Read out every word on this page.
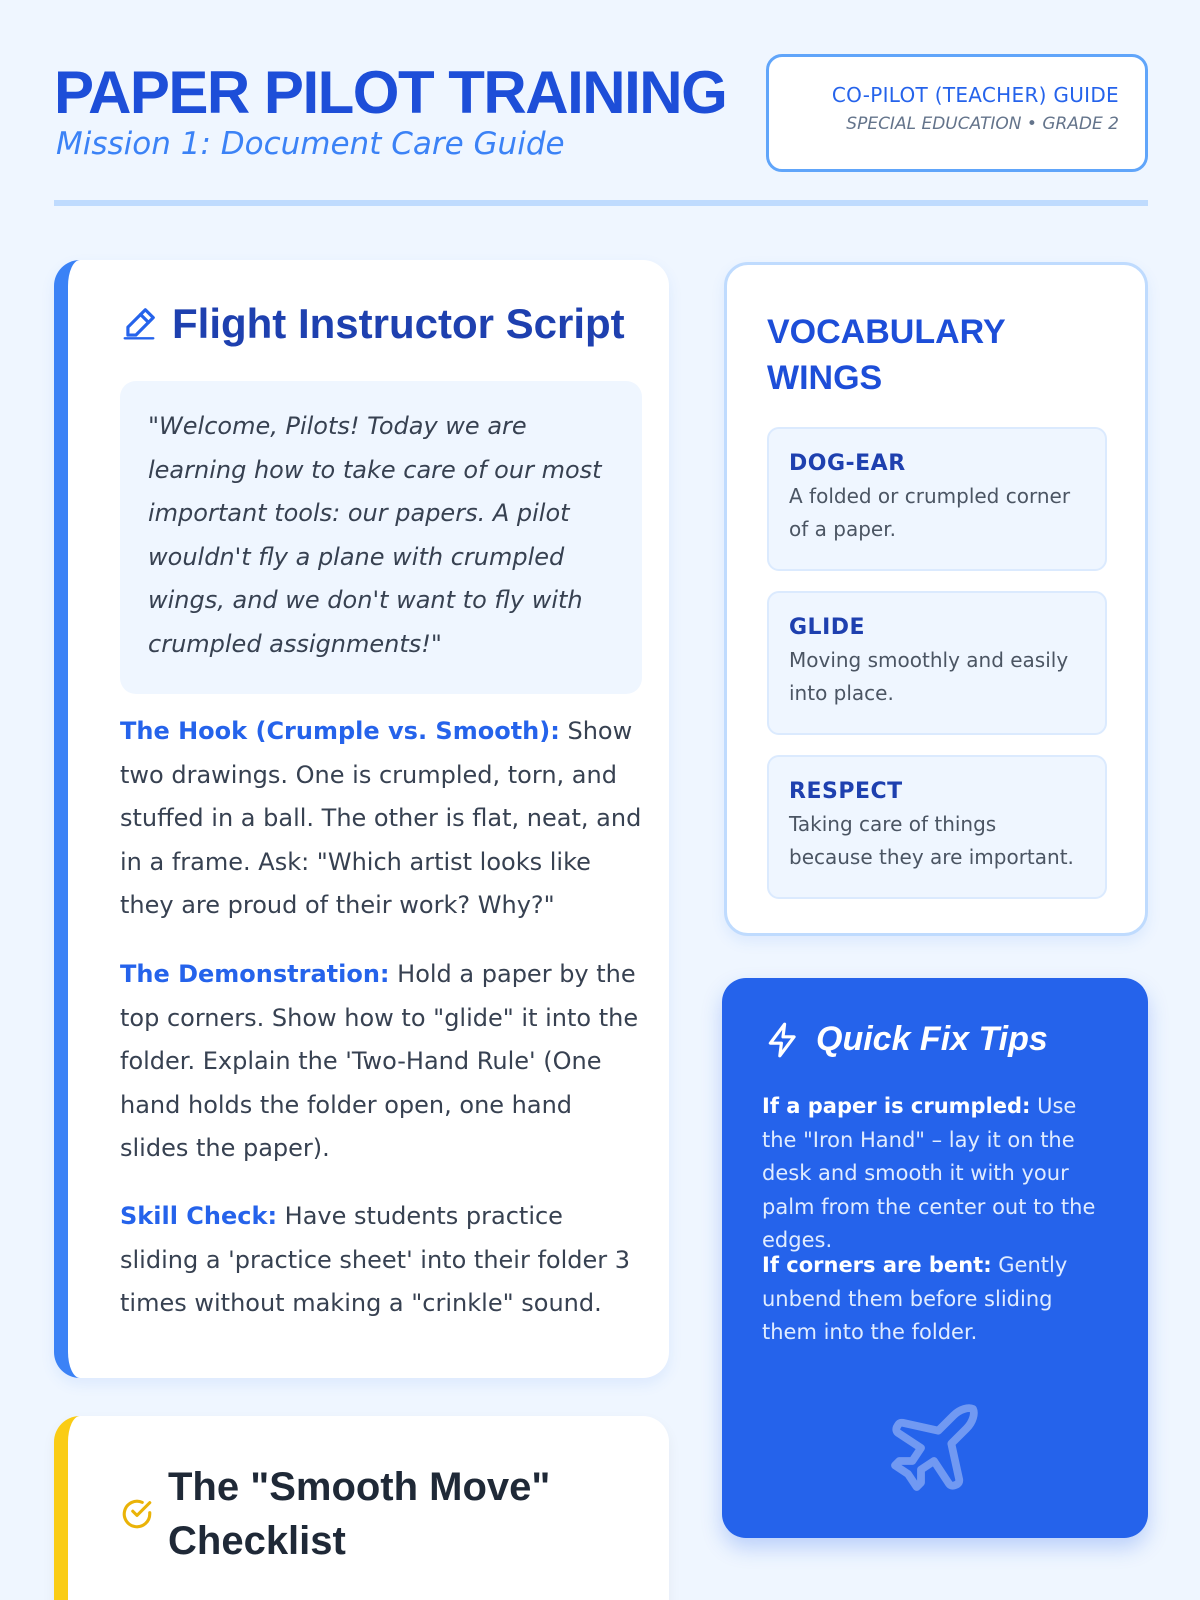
PAPER PILOT TRAINING
Mission 1: Document Care Guide
CO-PILOT (TEACHER) GUIDE
SPECIAL EDUCATION • GRADE 2
Flight Instructor Script
"Welcome, Pilots! Today we are learning how to take care of our most important tools: our papers. A pilot wouldn't fly a plane with crumpled wings, and we don't want to fly with crumpled assignments!"

The Hook (Crumple vs. Smooth): Show two drawings. One is crumpled, torn, and stuffed in a ball. The other is flat, neat, and in a frame. Ask: "Which artist looks like they are proud of their work? Why?"

The Demonstration: Hold a paper by the top corners. Show how to "glide" it into the folder. Explain the 'Two-Hand Rule' (One hand holds the folder open, one hand slides the paper).

Skill Check: Have students practice sliding a 'practice sheet' into their folder 3 times without making a "crinkle" sound.

VOCABULARY WINGS
DOG-EAR
A folded or crumpled corner of a paper.
GLIDE
Moving smoothly and easily into place.
RESPECT
Taking care of things because they are important.
Quick Fix Tips

If a paper is crumpled: Use the "Iron Hand" – lay it on the desk and smooth it with your palm from the center out to the edges.

If corners are bent: Gently unbend them before sliding them into the folder.

The "Smooth Move" Checklist
